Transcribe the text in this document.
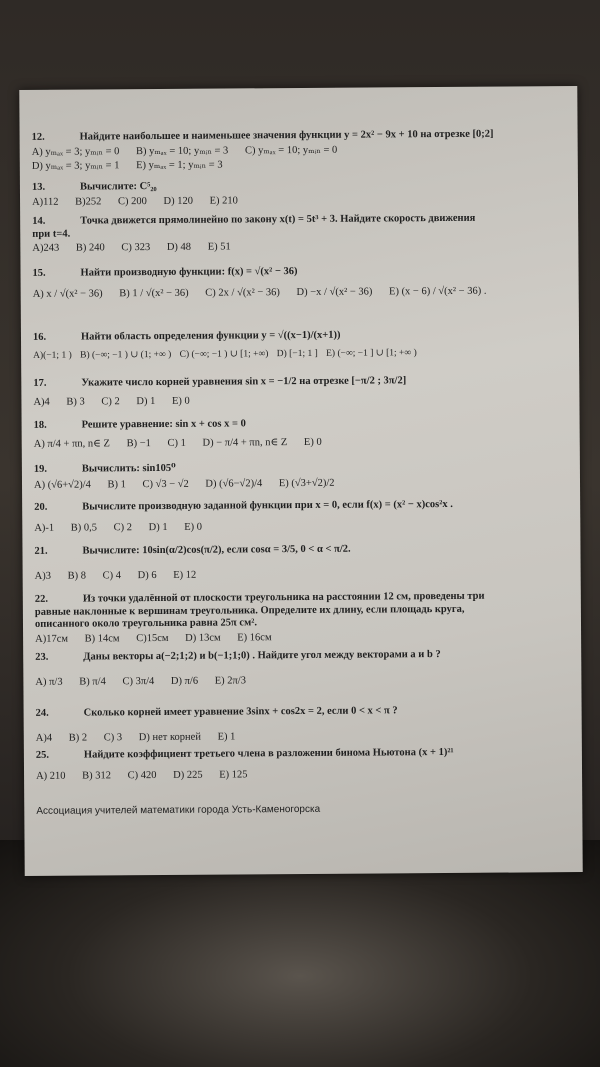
12.	Найдите наибольшее и наименьшее значения функции y = 2x² − 9x + 10 на отрезке [0;2]
A) yₘₐₓ = 3; yₘᵢₙ = 0 B) yₘₐₓ = 10; yₘᵢₙ = 3 C) yₘₐₓ = 10; yₘᵢₙ = 0
D) yₘₐₓ = 3; yₘᵢₙ = 1 E) yₘₐₓ = 1; yₘᵢₙ = 3
13.	Вычислите: C⁵₂₀
A)112 B)252 C) 200 D) 120 E) 210
14.	Точка движется прямолинейно по закону x(t) = 5t³ + 3. Найдите скорость движения
при t=4.
A)243 B) 240 C) 323 D) 48 E) 51
15.	Найти производную функции: f(x) = √(x² − 36)
A) x / √(x² − 36) B) 1 / √(x² − 36) C) 2x / √(x² − 36) D) −x / √(x² − 36) E) (x − 6) / √(x² − 36) .
16.	Найти область определения функции y = √((x−1)/(x+1))
A)(−1; 1 ) B) (−∞; −1 ) ∪ (1; +∞ ) C) (−∞; −1 ) ∪ [1; +∞) D) [−1; 1 ] E) (−∞; −1 ] ∪ [1; +∞ )
17.	Укажите число корней уравнения sin x = −1/2 на отрезке [−π/2 ; 3π/2]
A)4 B) 3 C) 2 D) 1 E) 0
18.	Решите уравнение: sin x + cos x = 0
A) π/4 + πn, n∈ Z B) −1 C) 1 D) − π/4 + πn, n∈ Z E) 0
19.	Вычислить: sin105⁰
A) (√6+√2)/4 B) 1 C) √3 − √2 D) (√6−√2)/4 E) (√3+√2)/2
20.	Вычислите производную заданной функции при x = 0, если f(x) = (x² − x)cos²x .
A)-1 B) 0,5 C) 2 D) 1 E) 0
21.	Вычислите: 10sin(α/2)cos(π/2), если cosα = 3/5, 0 < α < π/2.
A)3 B) 8 C) 4 D) 6 E) 12
22.	Из точки удалённой от плоскости треугольника на расстоянии 12 см, проведены три
равные наклонные к вершинам треугольника. Определите их длину, если площадь круга,
описанного около треугольника равна 25π см².
A)17см B) 14см C)15см D) 13см E) 16см
23.	Даны векторы a(−2;1;2) и b(−1;1;0) . Найдите угол между векторами a и b ?
A) π/3 B) π/4 C) 3π/4 D) π/6 E) 2π/3
24.	Сколько корней имеет уравнение 3sinx + cos2x = 2, если 0 < x < π ?
A)4 B) 2 C) 3 D) нет корней E) 1
25.	Найдите коэффициент третьего члена в разложении бинома Ньютона (x + 1)²¹
A) 210 B) 312 C) 420 D) 225 E) 125
Ассоциация учителей математики города Усть-Каменогорска
